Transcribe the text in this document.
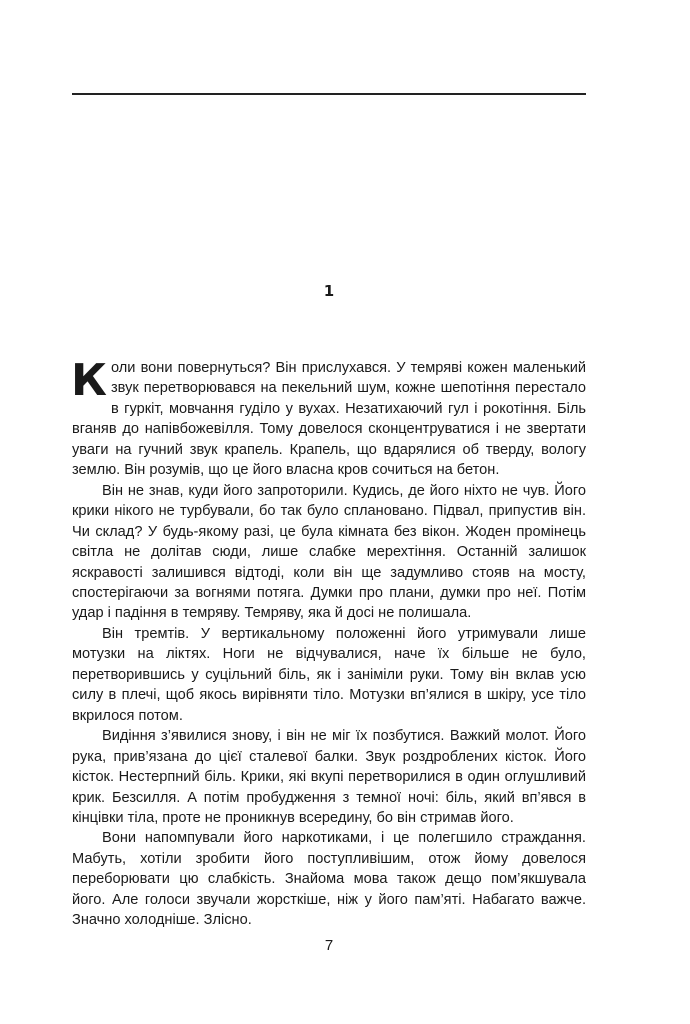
1

Коли вони повернуться? Він прислухався. У темряві кожен маленький звук перетворювався на пекельний шум, кожне шепотіння перестало в гуркіт, мовчання гуділо у вухах. Незатихаючий гул і рокотіння. Біль вганяв до напівбожевілля. Тому довелося сконцентруватися і не звертати уваги на гучний звук крапель. Крапель, що вдарялися об тверду, вологу землю. Він розумів, що це його власна кров сочиться на бетон.

Він не знав, куди його запроторили. Кудись, де його ніхто не чув. Його крики нікого не турбували, бо так було сплановано. Підвал, припустив він. Чи склад? У будь-якому разі, це була кімната без вікон. Жоден промінець світла не долітав сюди, лише слабке мерехтіння. Останній залишок яскравості залишився відтоді, коли він ще задумливо стояв на мосту, спостерігаючи за вогнями потяга. Думки про плани, думки про неї. Потім удар і падіння в темряву. Темряву, яка й досі не полишала.

Він тремтів. У вертикальному положенні його утримували лише мотузки на ліктях. Ноги не відчувалися, наче їх більше не було, перетворившись у суцільний біль, як і заніміли руки. Тому він вклав усю силу в плечі, щоб якось вирівняти тіло. Мотузки вп’ялися в шкіру, усе тіло вкрилося потом.

Видіння з’явилися знову, і він не міг їх позбутися. Важкий молот. Його рука, прив’язана до цієї сталевої балки. Звук роздроблених кісток. Його кісток. Нестерпний біль. Крики, які вкупі перетворилися в один оглушливий крик. Безсилля. А потім пробудження з темної ночі: біль, який вп’явся в кінцівки тіла, проте не проникнув всередину, бо він стримав його.

Вони напомпували його наркотиками, і це полегшило страждання. Мабуть, хотіли зробити його поступливішим, отож йому довелося переборювати цю слабкість. Знайома мова також дещо пом’якшувала його. Але голоси звучали жорсткіше, ніж у його пам’яті. Набагато важче. Значно холодніше. Злісно.

7
